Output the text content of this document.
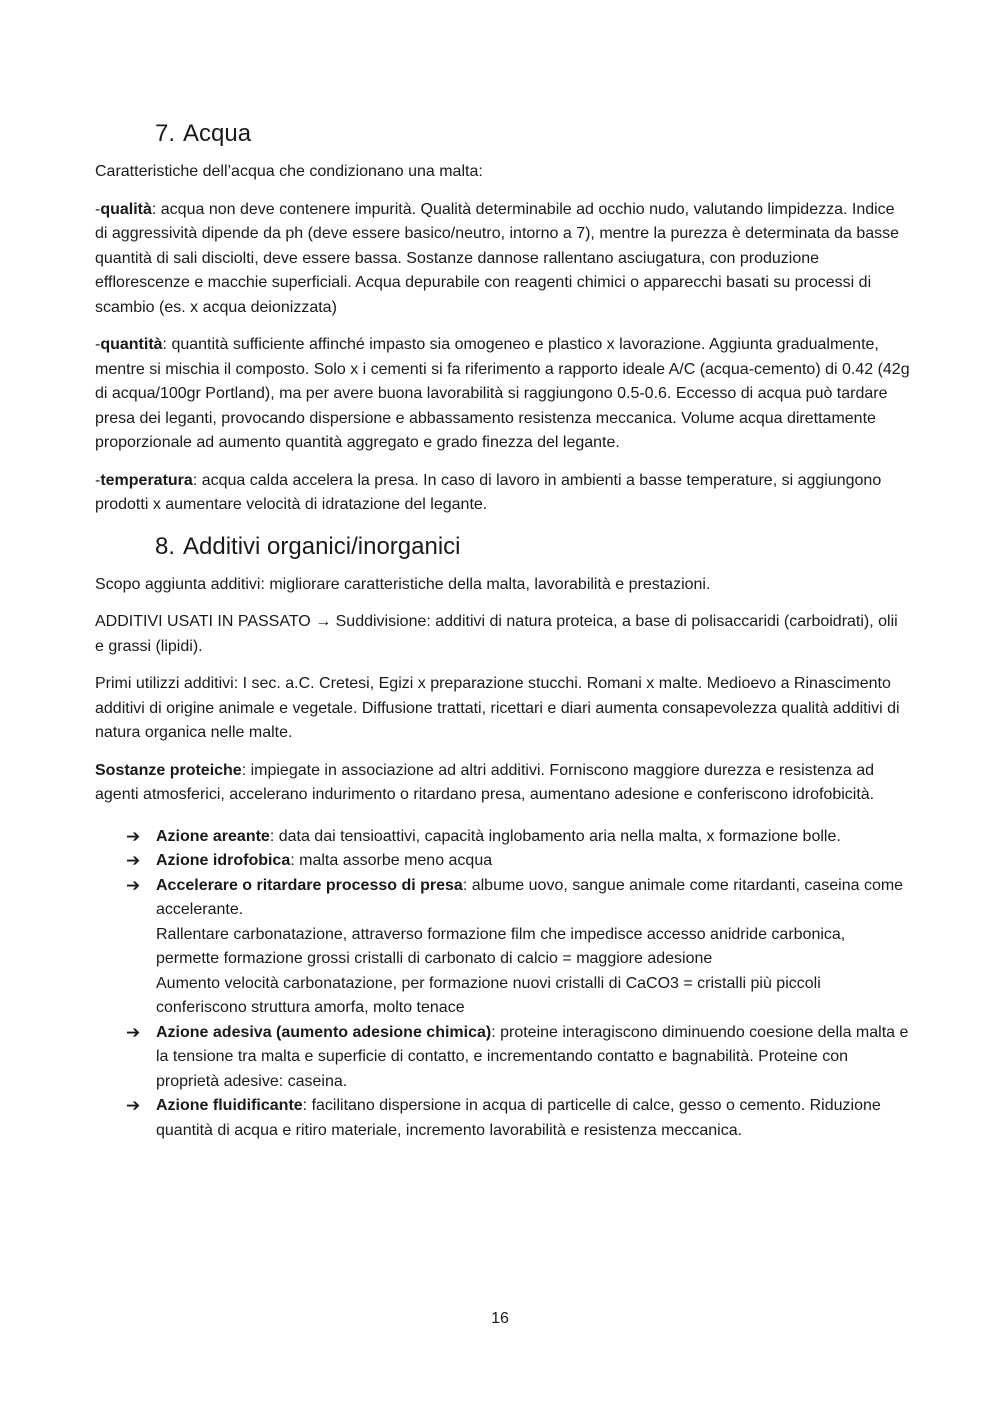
7. Acqua

Caratteristiche dell’acqua che condizionano una malta:

-qualità: acqua non deve contenere impurità. Qualità determinabile ad occhio nudo, valutando limpidezza. Indice di aggressività dipende da ph (deve essere basico/neutro, intorno a 7), mentre la purezza è determinata da basse quantità di sali disciolti, deve essere bassa. Sostanze dannose rallentano asciugatura, con produzione efflorescenze e macchie superficiali. Acqua depurabile con reagenti chimici o apparecchi basati su processi di scambio (es. x acqua deionizzata)

-quantità: quantità sufficiente affinché impasto sia omogeneo e plastico x lavorazione. Aggiunta gradualmente, mentre si mischia il composto. Solo x i cementi si fa riferimento a rapporto ideale A/C (acqua-cemento) di 0.42 (42g di acqua/100gr Portland), ma per avere buona lavorabilità si raggiungono 0.5-0.6. Eccesso di acqua può tardare presa dei leganti, provocando dispersione e abbassamento resistenza meccanica. Volume acqua direttamente proporzionale ad aumento quantità aggregato e grado finezza del legante.

-temperatura: acqua calda accelera la presa. In caso di lavoro in ambienti a basse temperature, si aggiungono prodotti x aumentare velocità di idratazione del legante.

8. Additivi organici/inorganici

Scopo aggiunta additivi: migliorare caratteristiche della malta, lavorabilità e prestazioni.

ADDITIVI USATI IN PASSATO → Suddivisione: additivi di natura proteica, a base di polisaccaridi (carboidrati), olii e grassi (lipidi).

Primi utilizzi additivi: I sec. a.C. Cretesi, Egizi x preparazione stucchi. Romani x malte. Medioevo a Rinascimento additivi di origine animale e vegetale. Diffusione trattati, ricettari e diari aumenta consapevolezza qualità additivi di natura organica nelle malte.

Sostanze proteiche: impiegate in associazione ad altri additivi. Forniscono maggiore durezza e resistenza ad agenti atmosferici, accelerano indurimento o ritardano presa, aumentano adesione e conferiscono idrofobicità.

➔ Azione areante: data dai tensioattivi, capacità inglobamento aria nella malta, x formazione bolle.
➔ Azione idrofobica: malta assorbe meno acqua
➔ Accelerare o ritardare processo di presa: albume uovo, sangue animale come ritardanti, caseina come accelerante.
Rallentare carbonatazione, attraverso formazione film che impedisce accesso anidride carbonica, permette formazione grossi cristalli di carbonato di calcio = maggiore adesione
Aumento velocità carbonatazione, per formazione nuovi cristalli di CaCO3 = cristalli più piccoli conferiscono struttura amorfa, molto tenace
➔ Azione adesiva (aumento adesione chimica): proteine interagiscono diminuendo coesione della malta e la tensione tra malta e superficie di contatto, e incrementando contatto e bagnabilità. Proteine con proprietà adesive: caseina.
➔ Azione fluidificante: facilitano dispersione in acqua di particelle di calce, gesso o cemento. Riduzione quantità di acqua e ritiro materiale, incremento lavorabilità e resistenza meccanica.
16
